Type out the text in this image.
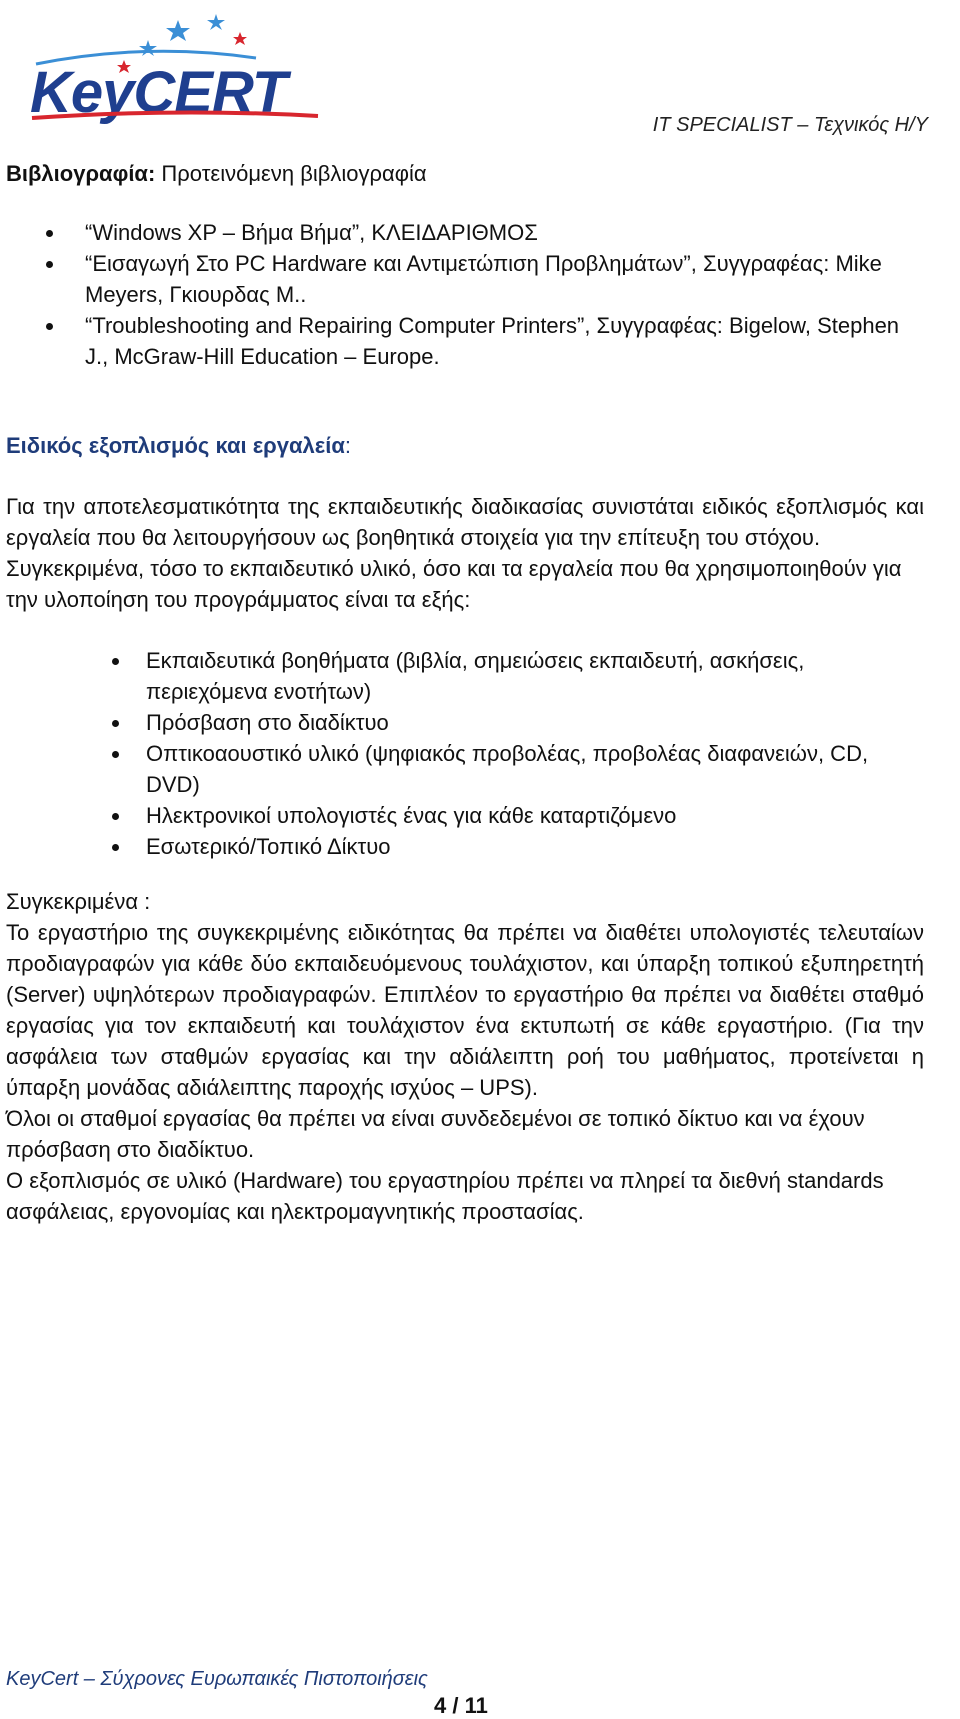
KeyCERT	IT SPECIALIST – Τεχνικός Η/Υ
Βιβλιογραφία: Προτεινόμενη βιβλιογραφία
“Windows XP – Βήμα Βήμα”, ΚΛΕΙΔΑΡΙΘΜΟΣ
“Εισαγωγή Στο PC Hardware και Αντιμετώπιση Προβλημάτων”, Συγγραφέας: Mike Meyers, Γκιουρδας Μ..
“Troubleshooting and Repairing Computer Printers”, Συγγραφέας: Bigelow, Stephen J., McGraw-Hill Education – Europe.
Ειδικός εξοπλισμός και εργαλεία:

Για την αποτελεσματικότητα της εκπαιδευτικής διαδικασίας συνιστάται ειδικός εξοπλισμός και εργαλεία που θα λειτουργήσουν ως βοηθητικά στοιχεία για την επίτευξη του στόχου.

Συγκεκριμένα, τόσο το εκπαιδευτικό υλικό, όσο και τα εργαλεία που θα χρησιμοποιηθούν για την υλοποίηση του προγράμματος είναι τα εξής:

Εκπαιδευτικά βοηθήματα (βιβλία, σημειώσεις εκπαιδευτή, ασκήσεις, περιεχόμενα ενοτήτων)
Πρόσβαση στο διαδίκτυο
Οπτικοαουστικό υλικό (ψηφιακός προβολέας, προβολέας διαφανειών, CD, DVD)
Ηλεκτρονικοί υπολογιστές ένας για κάθε καταρτιζόμενο
Εσωτερικό/Τοπικό Δίκτυο

Συγκεκριμένα :

Το εργαστήριο της συγκεκριμένης ειδικότητας θα πρέπει να διαθέτει υπολογιστές τελευταίων προδιαγραφών για κάθε δύο εκπαιδευόμενους τουλάχιστον, και ύπαρξη τοπικού εξυπηρετητή (Server) υψηλότερων προδιαγραφών. Επιπλέον το εργαστήριο θα πρέπει να διαθέτει σταθμό εργασίας για τον εκπαιδευτή και τουλάχιστον ένα εκτυπωτή σε κάθε εργαστήριο. (Για την ασφάλεια των σταθμών εργασίας και την αδιάλειπτη ροή του μαθήματος, προτείνεται η ύπαρξη μονάδας αδιάλειπτης παροχής ισχύος – UPS).

Όλοι οι σταθμοί εργασίας θα πρέπει να είναι συνδεδεμένοι σε τοπικό δίκτυο και να έχουν πρόσβαση στο διαδίκτυο.

Ο εξοπλισμός σε υλικό (Hardware) του εργαστηρίου πρέπει να πληρεί τα διεθνή standards ασφάλειας, εργονομίας και ηλεκτρομαγνητικής προστασίας.

KeyCert – Σύχρονες Ευρωπαικές Πιστοποιήσεις
4 / 11
